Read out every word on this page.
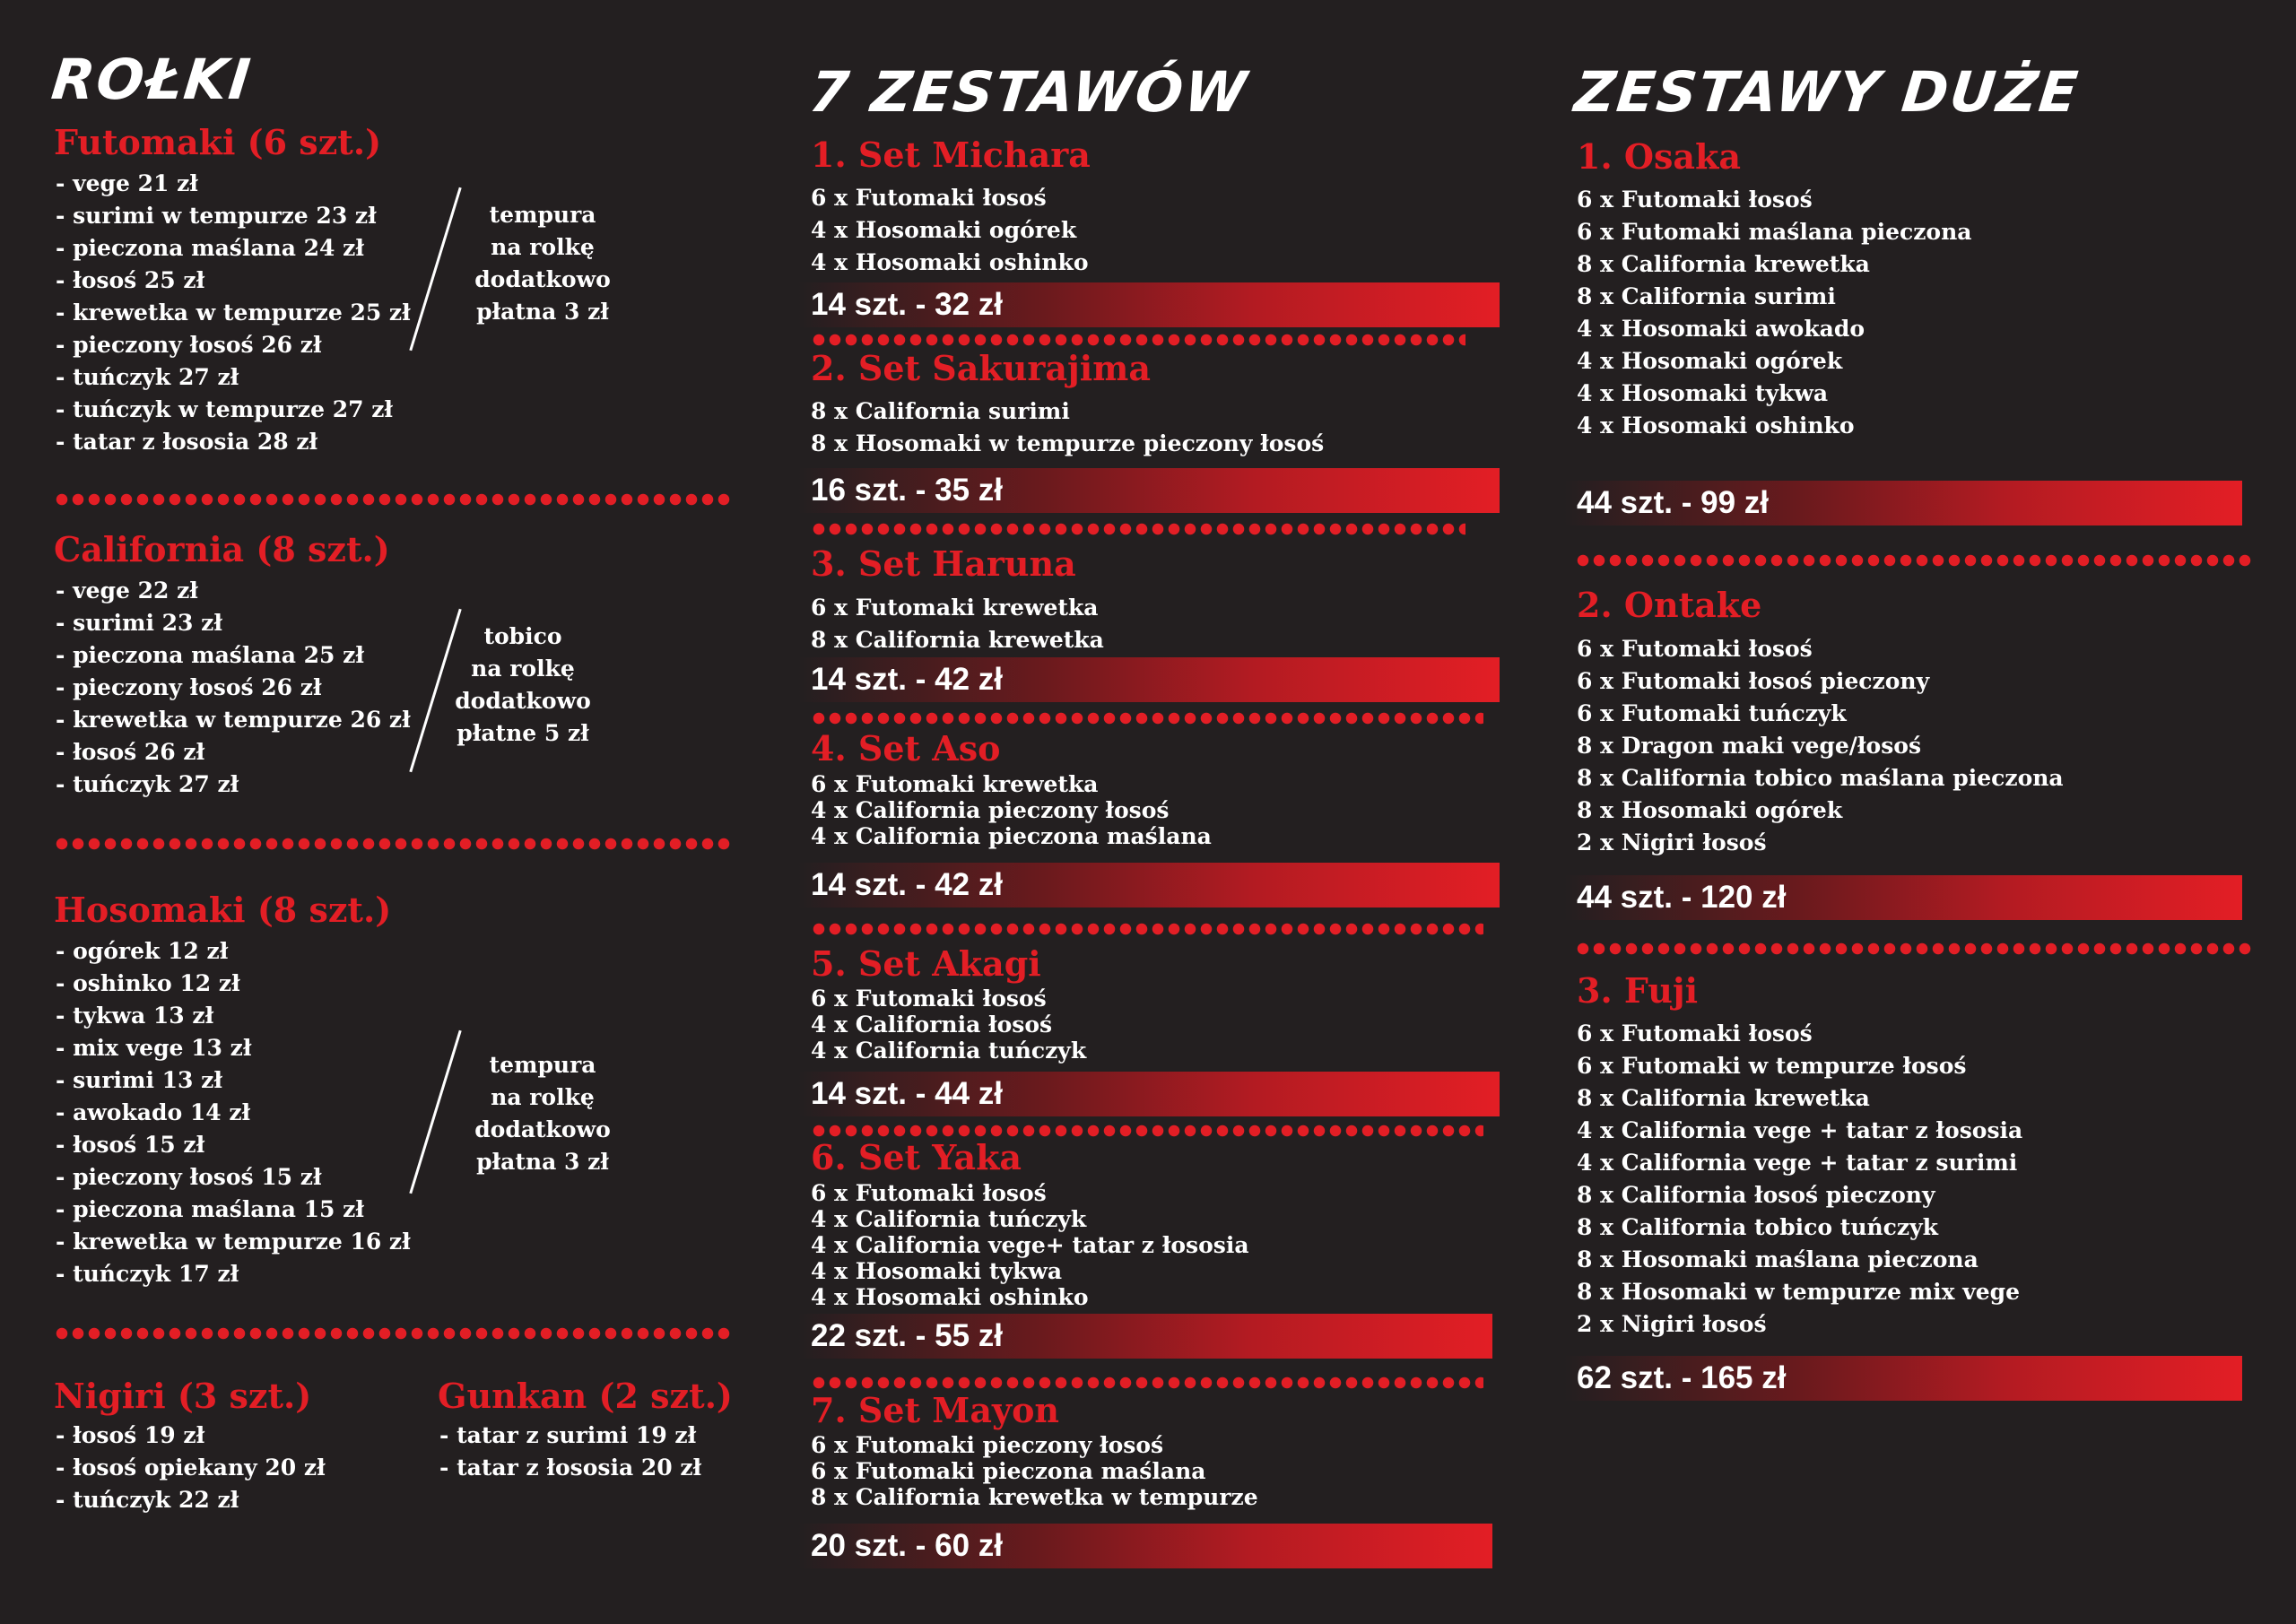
ROŁKI
Futomaki (6 szt.)

- vege 21 zł

- surimi w tempurze 23 zł

- pieczona maślana 24 zł

- łosoś 25 zł

- krewetka w tempurze 25 zł

- pieczony łosoś 26 zł

- tuńczyk 27 zł

- tuńczyk w tempurze 27 zł

- tatar z łososia 28 zł

tempura
na rolkę
dodatkowo
płatna 3 zł
California (8 szt.)

- vege 22 zł

- surimi 23 zł

- pieczona maślana 25 zł

- pieczony łosoś 26 zł

- krewetka w tempurze 26 zł

- łosoś 26 zł

- tuńczyk 27 zł

tobico
na rolkę
dodatkowo
płatne 5 zł
Hosomaki (8 szt.)

- ogórek 12 zł

- oshinko 12 zł

- tykwa 13 zł

- mix vege 13 zł

- surimi 13 zł

- awokado 14 zł

- łosoś 15 zł

- pieczony łosoś 15 zł

- pieczona maślana 15 zł

- krewetka w tempurze 16 zł

- tuńczyk 17 zł

tempura
na rolkę
dodatkowo
płatna 3 zł
Nigiri (3 szt.)

- łosoś 19 zł

- łosoś opiekany 20 zł

- tuńczyk 22 zł

Gunkan (2 szt.)

- tatar z surimi 19 zł

- tatar z łososia 20 zł

7 ZESTAWÓW
1. Set Michara

6 x Futomaki łosoś

4 x Hosomaki ogórek

4 x Hosomaki oshinko

14 szt. - 32 zł
2. Set Sakurajima

8 x California surimi

8 x Hosomaki w tempurze pieczony łosoś

16 szt. - 35 zł
3. Set Haruna

6 x Futomaki krewetka

8 x California krewetka

14 szt. - 42 zł
4. Set Aso

6 x Futomaki krewetka

4 x California pieczony łosoś

4 x California pieczona maślana

14 szt. - 42 zł
5. Set Akagi

6 x Futomaki łosoś

4 x California łosoś

4 x California tuńczyk

14 szt. - 44 zł
6. Set Yaka

6 x Futomaki łosoś

4 x California tuńczyk

4 x California vege+ tatar z łososia

4 x Hosomaki tykwa

4 x Hosomaki oshinko

22 szt. - 55 zł
7. Set Mayon

6 x Futomaki pieczony łosoś

6 x Futomaki pieczona maślana

8 x California krewetka w tempurze

20 szt. - 60 zł
ZESTAWY DUŻE
1. Osaka

6 x Futomaki łosoś

6 x Futomaki maślana pieczona

8 x California krewetka

8 x California surimi

4 x Hosomaki awokado

4 x Hosomaki ogórek

4 x Hosomaki tykwa

4 x Hosomaki oshinko

44 szt. - 99 zł
2. Ontake

6 x Futomaki łosoś

6 x Futomaki łosoś pieczony

6 x Futomaki tuńczyk

8 x Dragon maki vege/łosoś

8 x California tobico maślana pieczona

8 x Hosomaki ogórek

2 x Nigiri łosoś

44 szt. - 120 zł
3. Fuji

6 x Futomaki łosoś

6 x Futomaki w tempurze łosoś

8 x California krewetka

4 x California vege + tatar z łososia

4 x California vege + tatar z surimi

8 x California łosoś pieczony

8 x California tobico tuńczyk

8 x Hosomaki maślana pieczona

8 x Hosomaki w tempurze mix vege

2 x Nigiri łosoś

62 szt. - 165 zł
